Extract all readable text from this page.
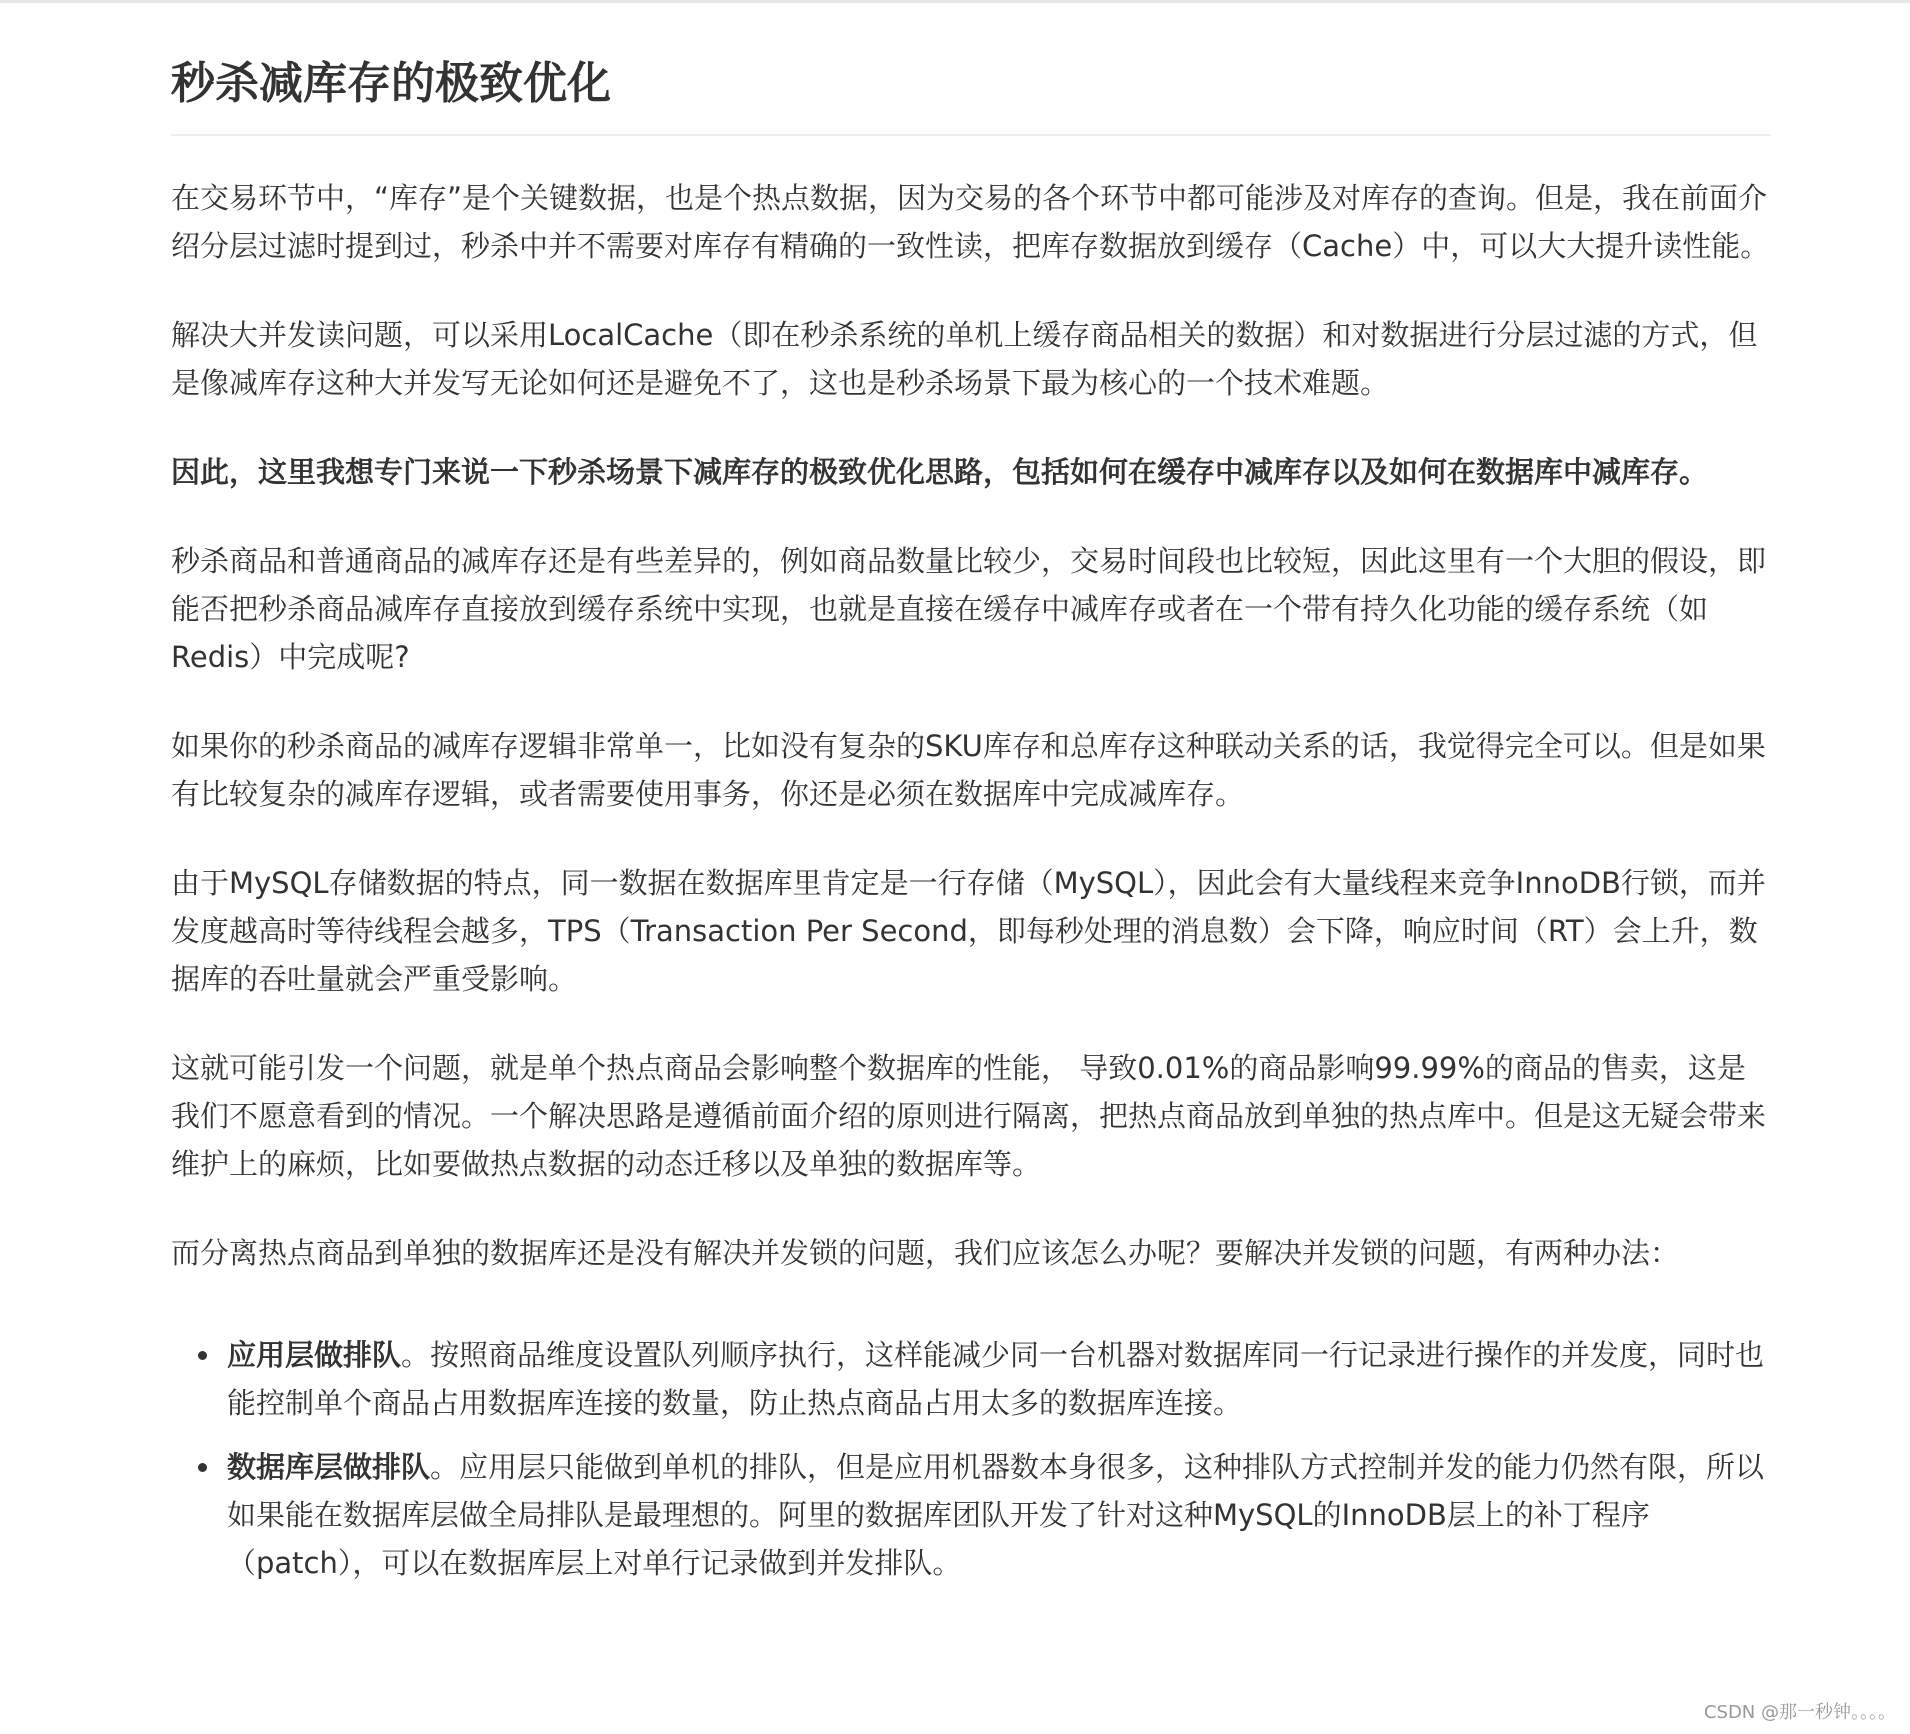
秒杀减库存的极致优化

在交易环节中，“库存”是个关键数据，也是个热点数据，因为交易的各个环节中都可能涉及对库存的查询。但是，我在前面介绍分层过滤时提到过，秒杀中并不需要对库存有精确的一致性读，把库存数据放到缓存（Cache）中，可以大大提升读性能。

解决大并发读问题，可以采用LocalCache（即在秒杀系统的单机上缓存商品相关的数据）和对数据进行分层过滤的方式，但是像减库存这种大并发写无论如何还是避免不了，这也是秒杀场景下最为核心的一个技术难题。

因此，这里我想专门来说一下秒杀场景下减库存的极致优化思路，包括如何在缓存中减库存以及如何在数据库中减库存。

秒杀商品和普通商品的减库存还是有些差异的，例如商品数量比较少，交易时间段也比较短，因此这里有一个大胆的假设，即能否把秒杀商品减库存直接放到缓存系统中实现，也就是直接在缓存中减库存或者在一个带有持久化功能的缓存系统（如Redis）中完成呢?

如果你的秒杀商品的减库存逻辑非常单一，比如没有复杂的SKU库存和总库存这种联动关系的话，我觉得完全可以。但是如果有比较复杂的减库存逻辑，或者需要使用事务，你还是必须在数据库中完成减库存。

由于MySQL存储数据的特点，同一数据在数据库里肯定是一行存储（MySQL），因此会有大量线程来竞争InnoDB行锁，而并发度越高时等待线程会越多，TPS（Transaction Per Second，即每秒处理的消息数）会下降，响应时间（RT）会上升，数据库的吞吐量就会严重受影响。

这就可能引发一个问题，就是单个热点商品会影响整个数据库的性能， 导致0.01%的商品影响99.99%的商品的售卖，这是我们不愿意看到的情况。一个解决思路是遵循前面介绍的原则进行隔离，把热点商品放到单独的热点库中。但是这无疑会带来维护上的麻烦，比如要做热点数据的动态迁移以及单独的数据库等。

而分离热点商品到单独的数据库还是没有解决并发锁的问题，我们应该怎么办呢？要解决并发锁的问题，有两种办法：

应用层做排队。按照商品维度设置队列顺序执行，这样能减少同一台机器对数据库同一行记录进行操作的并发度，同时也能控制单个商品占用数据库连接的数量，防止热点商品占用太多的数据库连接。
数据库层做排队。应用层只能做到单机的排队，但是应用机器数本身很多，这种排队方式控制并发的能力仍然有限，所以如果能在数据库层做全局排队是最理想的。阿里的数据库团队开发了针对这种MySQL的InnoDB层上的补丁程序（patch），可以在数据库层上对单行记录做到并发排队。
CSDN @那一秒钟。。。。
